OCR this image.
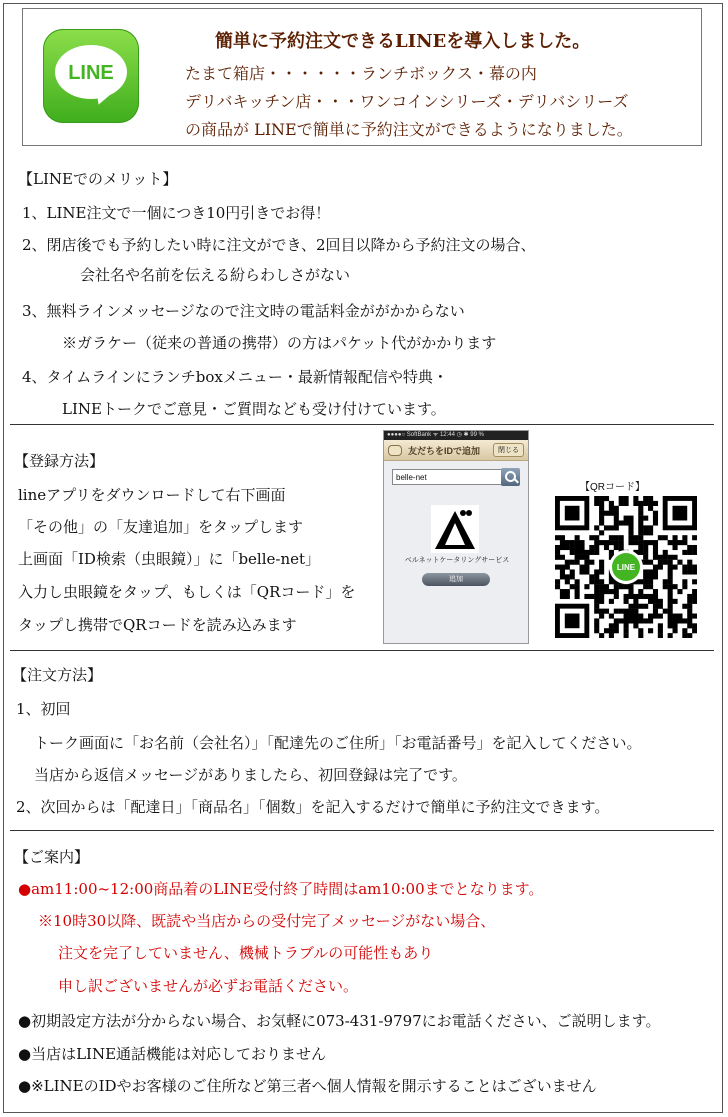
LINE
簡単に予約注文できるLINEを導入しました。
たまて箱店・・・・・・ランチボックス・幕の内
デリバキッチン店・・・ワンコインシリーズ・デリバシリーズ
の商品が LINEで簡単に予約注文ができるようになりました。
【LINEでのメリット】
1、LINE注文で一個につき10円引きでお得！
2、閉店後でも予約したい時に注文ができ、2回目以降から予約注文の場合、
会社名や名前を伝える紛らわしさがない
3、無料ラインメッセージなので注文時の電話料金ががかからない
※ガラケー（従来の普通の携帯）の方はパケット代がかかります
4、タイムラインにランチboxメニュー・最新情報配信や特典・
LINEトークでご意見・ご質問なども受け付けています。
【登録方法】
lineアプリをダウンロードして右下画面
「その他」の「友達追加」をタップします
上画面「ID検索（虫眼鏡）」に「belle-net」
入力し虫眼鏡をタップ、もしくは「QRコード」を
タップし携帯でQRコードを読み込みます
●●●●○ SoftBank ᯤ 12:44 ◷ ✱ 99 %
友だちをIDで追加	閉じる
belle-net
ベルネットケータリングサービス
追加
【QRコード】
LINE
【注文方法】
1、初回
トーク画面に「お名前（会社名）」「配達先のご住所」「お電話番号」を記入してください。
当店から返信メッセージがありましたら、初回登録は完了です。
2、次回からは「配達日」「商品名」「個数」を記入するだけで簡単に予約注文できます。
【ご案内】
●am11:00~12:00商品着のLINE受付終了時間はam10:00までとなります。
※10時30以降、既読や当店からの受付完了メッセージがない場合、
注文を完了していません、機械トラブルの可能性もあり
申し訳ございませんが必ずお電話ください。
●初期設定方法が分からない場合、お気軽に073-431-9797にお電話ください、ご説明します。
●当店はLINE通話機能は対応しておりません
●※LINEのIDやお客様のご住所など第三者へ個人情報を開示することはございません
